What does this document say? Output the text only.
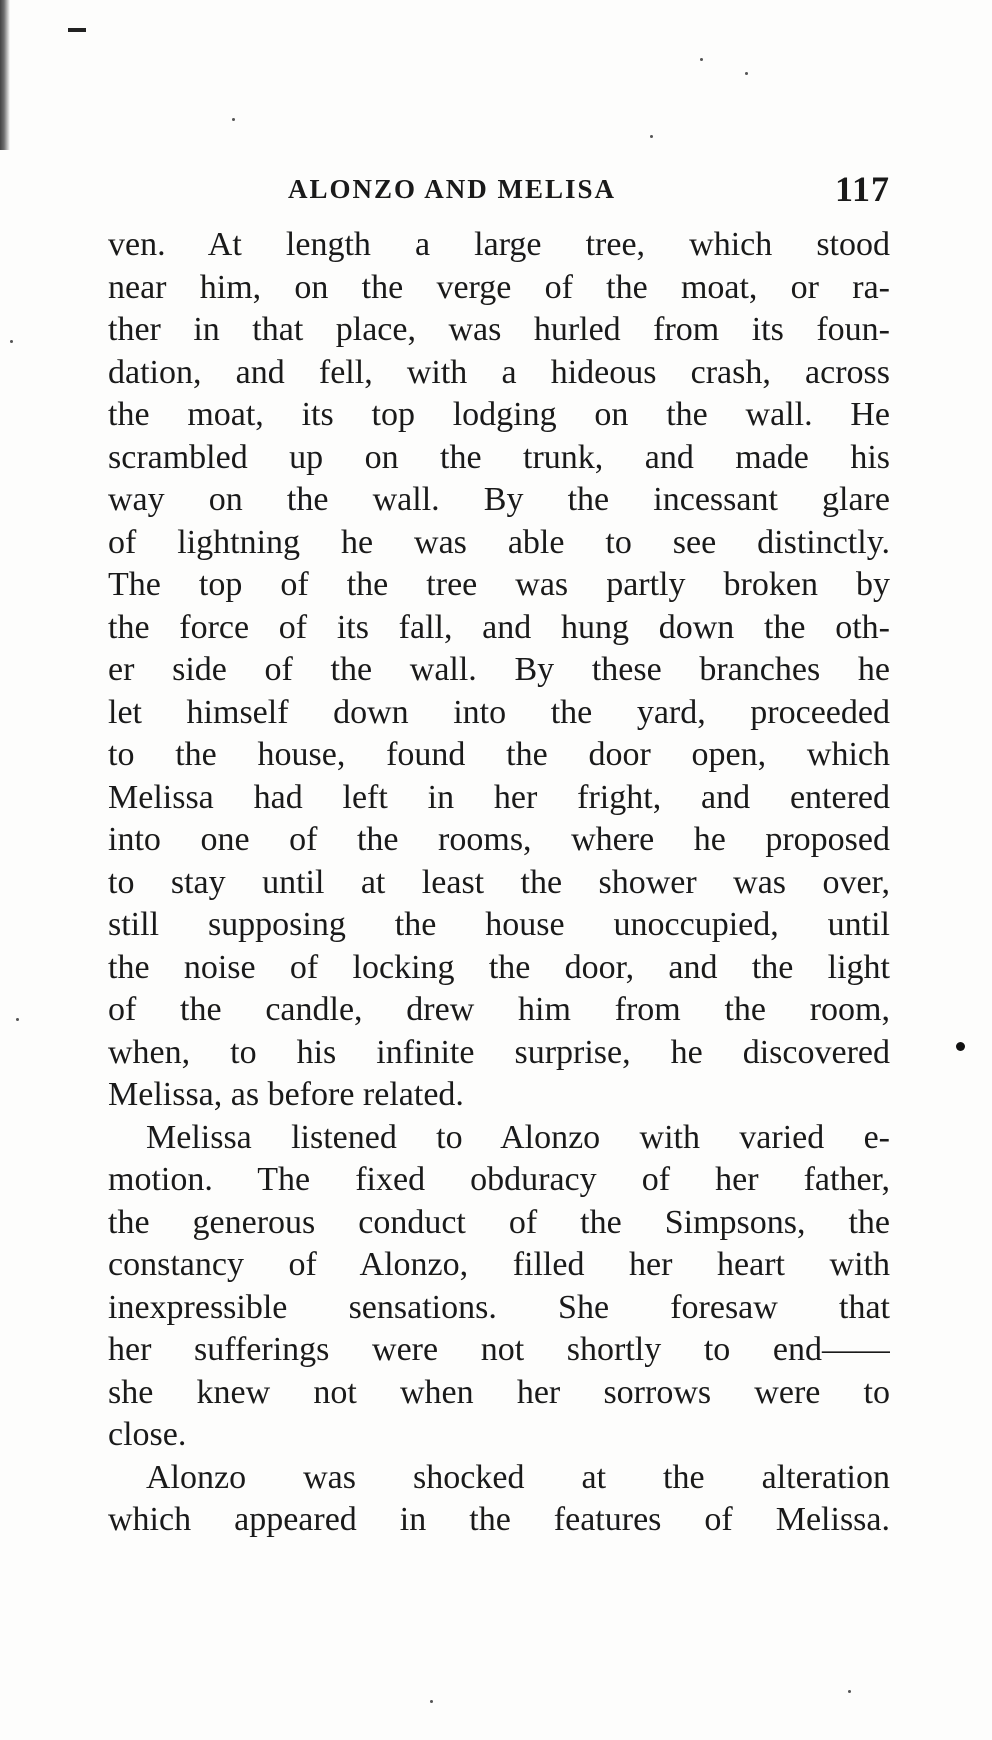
ALONZO AND MELISA	117
ven. At length a large tree, which stood
near him, on the verge of the moat, or ra-
ther in that place, was hurled from its foun-
dation, and fell, with a hideous crash, across
the moat, its top lodging on the wall. He
scrambled up on the trunk, and made his
way on the wall. By the incessant glare
of lightning he was able to see distinctly.
The top of the tree was partly broken by
the force of its fall, and hung down the oth-
er side of the wall. By these branches he
let himself down into the yard, proceeded
to the house, found the door open, which
Melissa had left in her fright, and entered
into one of the rooms, where he proposed
to stay until at least the shower was over,
still supposing the house unoccupied, until
the noise of locking the door, and the light
of the candle, drew him from the room,
when, to his infinite surprise, he discovered
Melissa, as before related.
Melissa listened to Alonzo with varied e-
motion. The fixed obduracy of her father,
the generous conduct of the Simpsons, the
constancy of Alonzo, filled her heart with
inexpressible sensations. She foresaw that
her sufferings were not shortly to end——
she knew not when her sorrows were to
close.
Alonzo was shocked at the alteration
which appeared in the features of Melissa.
